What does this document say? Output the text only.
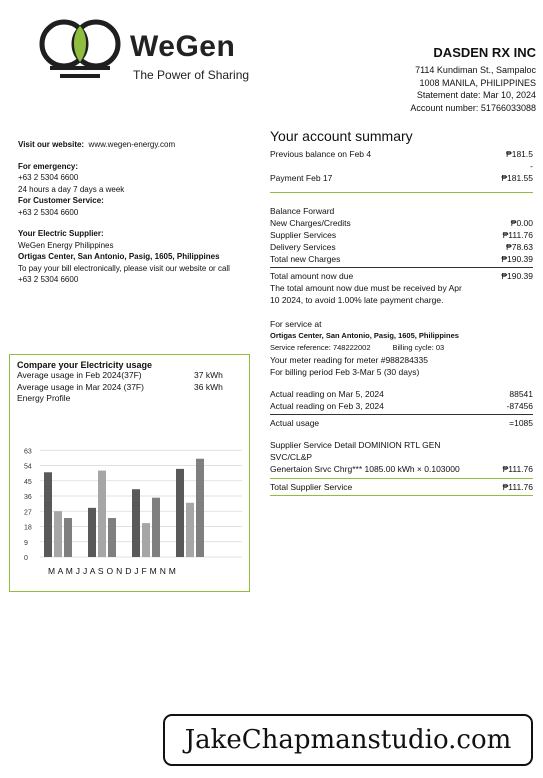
WeGen
The Power of Sharing
DASDEN RX INC
7114 Kundiman St., Sampaloc
1008 MANILA, PHILIPPINES
Statement date: Mar 10, 2024
Account number: 51766033088
Visit our website: www.wegen-energy.com
For emergency:
+63 2 5304 6600
24 hours a day 7 days a week
For Customer Service:
+63 2 5304 6600
Your Electric Supplier:
WeGen Energy Philippines
Ortigas Center, San Antonio, Pasig, 1605, Philippines
To pay your bill electronically, please visit our website or call
+63 2 5304 6600
Your account summary
Previous balance on Feb 4	₱181.5
-
Payment Feb 17	₱181.55
Balance Forward
New Charges/Credits	₱0.00
Supplier Services	₱111.76
Delivery Services	₱78.63
Total new Charges	₱190.39
Total amount now due	₱190.39
The total amount now due must be received by Apr
10 2024, to avoid 1.00% late payment charge.
For service at
Ortigas Center, San Antonio, Pasig, 1605, Philippines
Service reference: 748222002	Billing cycle: 03
Your meter reading for meter #988284335
For billing period Feb 3-Mar 5 (30 days)
Actual reading on Mar 5, 2024	88541
Actual reading on Feb 3, 2024	-87456
Actual usage	=1085
Supplier Service Detail DOMINION RTL GEN
SVC/CL&P
Genertaion Srvc Chrg*** 1085.00 kWh × 0.103000	₱111.76
Total Supplier Service	₱111.76
Compare your Electricity usage
Average usage in Feb 2024(37F)	37 kWh
Average usage in Mar 2024 (37F)	36 kWh
Energy Profile
0
9
18
27
36
45
54
63
M A M J J A S O N D J F M N M
JakeChapmanstudio.com
